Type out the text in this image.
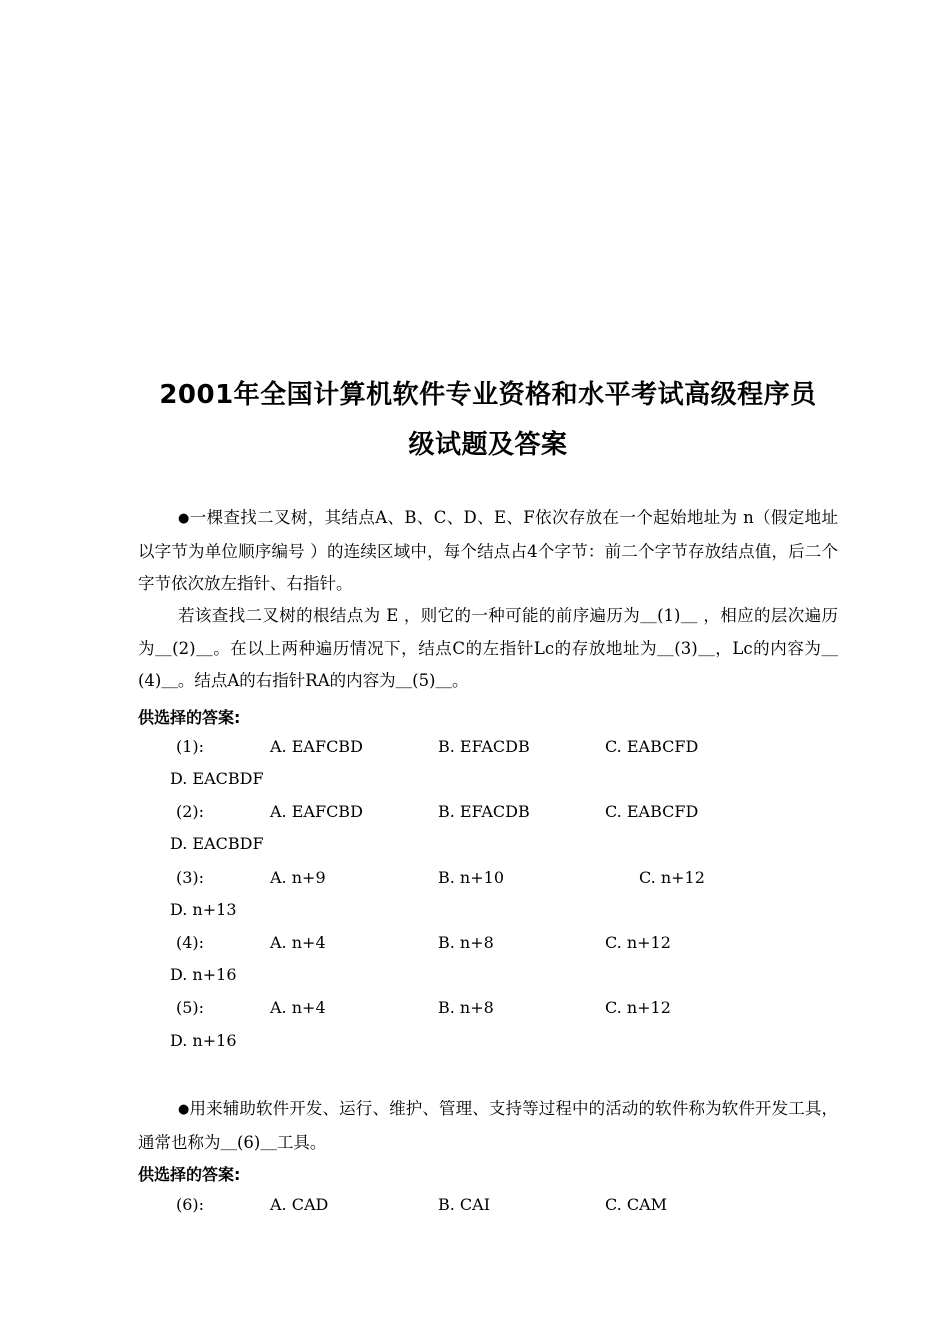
2001年全国计算机软件专业资格和水平考试高级程序员
级试题及答案
●一棵查找二叉树，其结点A、B、C、D、E、F依次存放在一个起始地址为 n（假定地址以字节为单位顺序编号 ）的连续区域中，每个结点占4个字节：前二个字节存放结点值，后二个字节依次放左指针、右指针。
若该查找二叉树的根结点为 E ，则它的一种可能的前序遍历为＿(1)＿ ，相应的层次遍历为＿(2)＿。在以上两种遍历情况下，结点C的左指针Lc的存放地址为＿(3)＿，Lc的内容为＿(4)＿。结点A的右指针RA的内容为＿(5)＿。
供选择的答案:
(1):	A. EAFCBD	B. EFACDB	C. EABCFD
D. EACBDF
(2):	A. EAFCBD	B. EFACDB	C. EABCFD
D. EACBDF
(3):	A. n+9	B. n+10	C. n+12
D. n+13
(4):	A. n+4	B. n+8	C. n+12
D. n+16
(5):	A. n+4	B. n+8	C. n+12
D. n+16
●用来辅助软件开发、运行、维护、管理、支持等过程中的活动的软件称为软件开发工具，通常也称为＿(6)＿工具。
供选择的答案:
(6):	A. CAD	B. CAI	C. CAM
